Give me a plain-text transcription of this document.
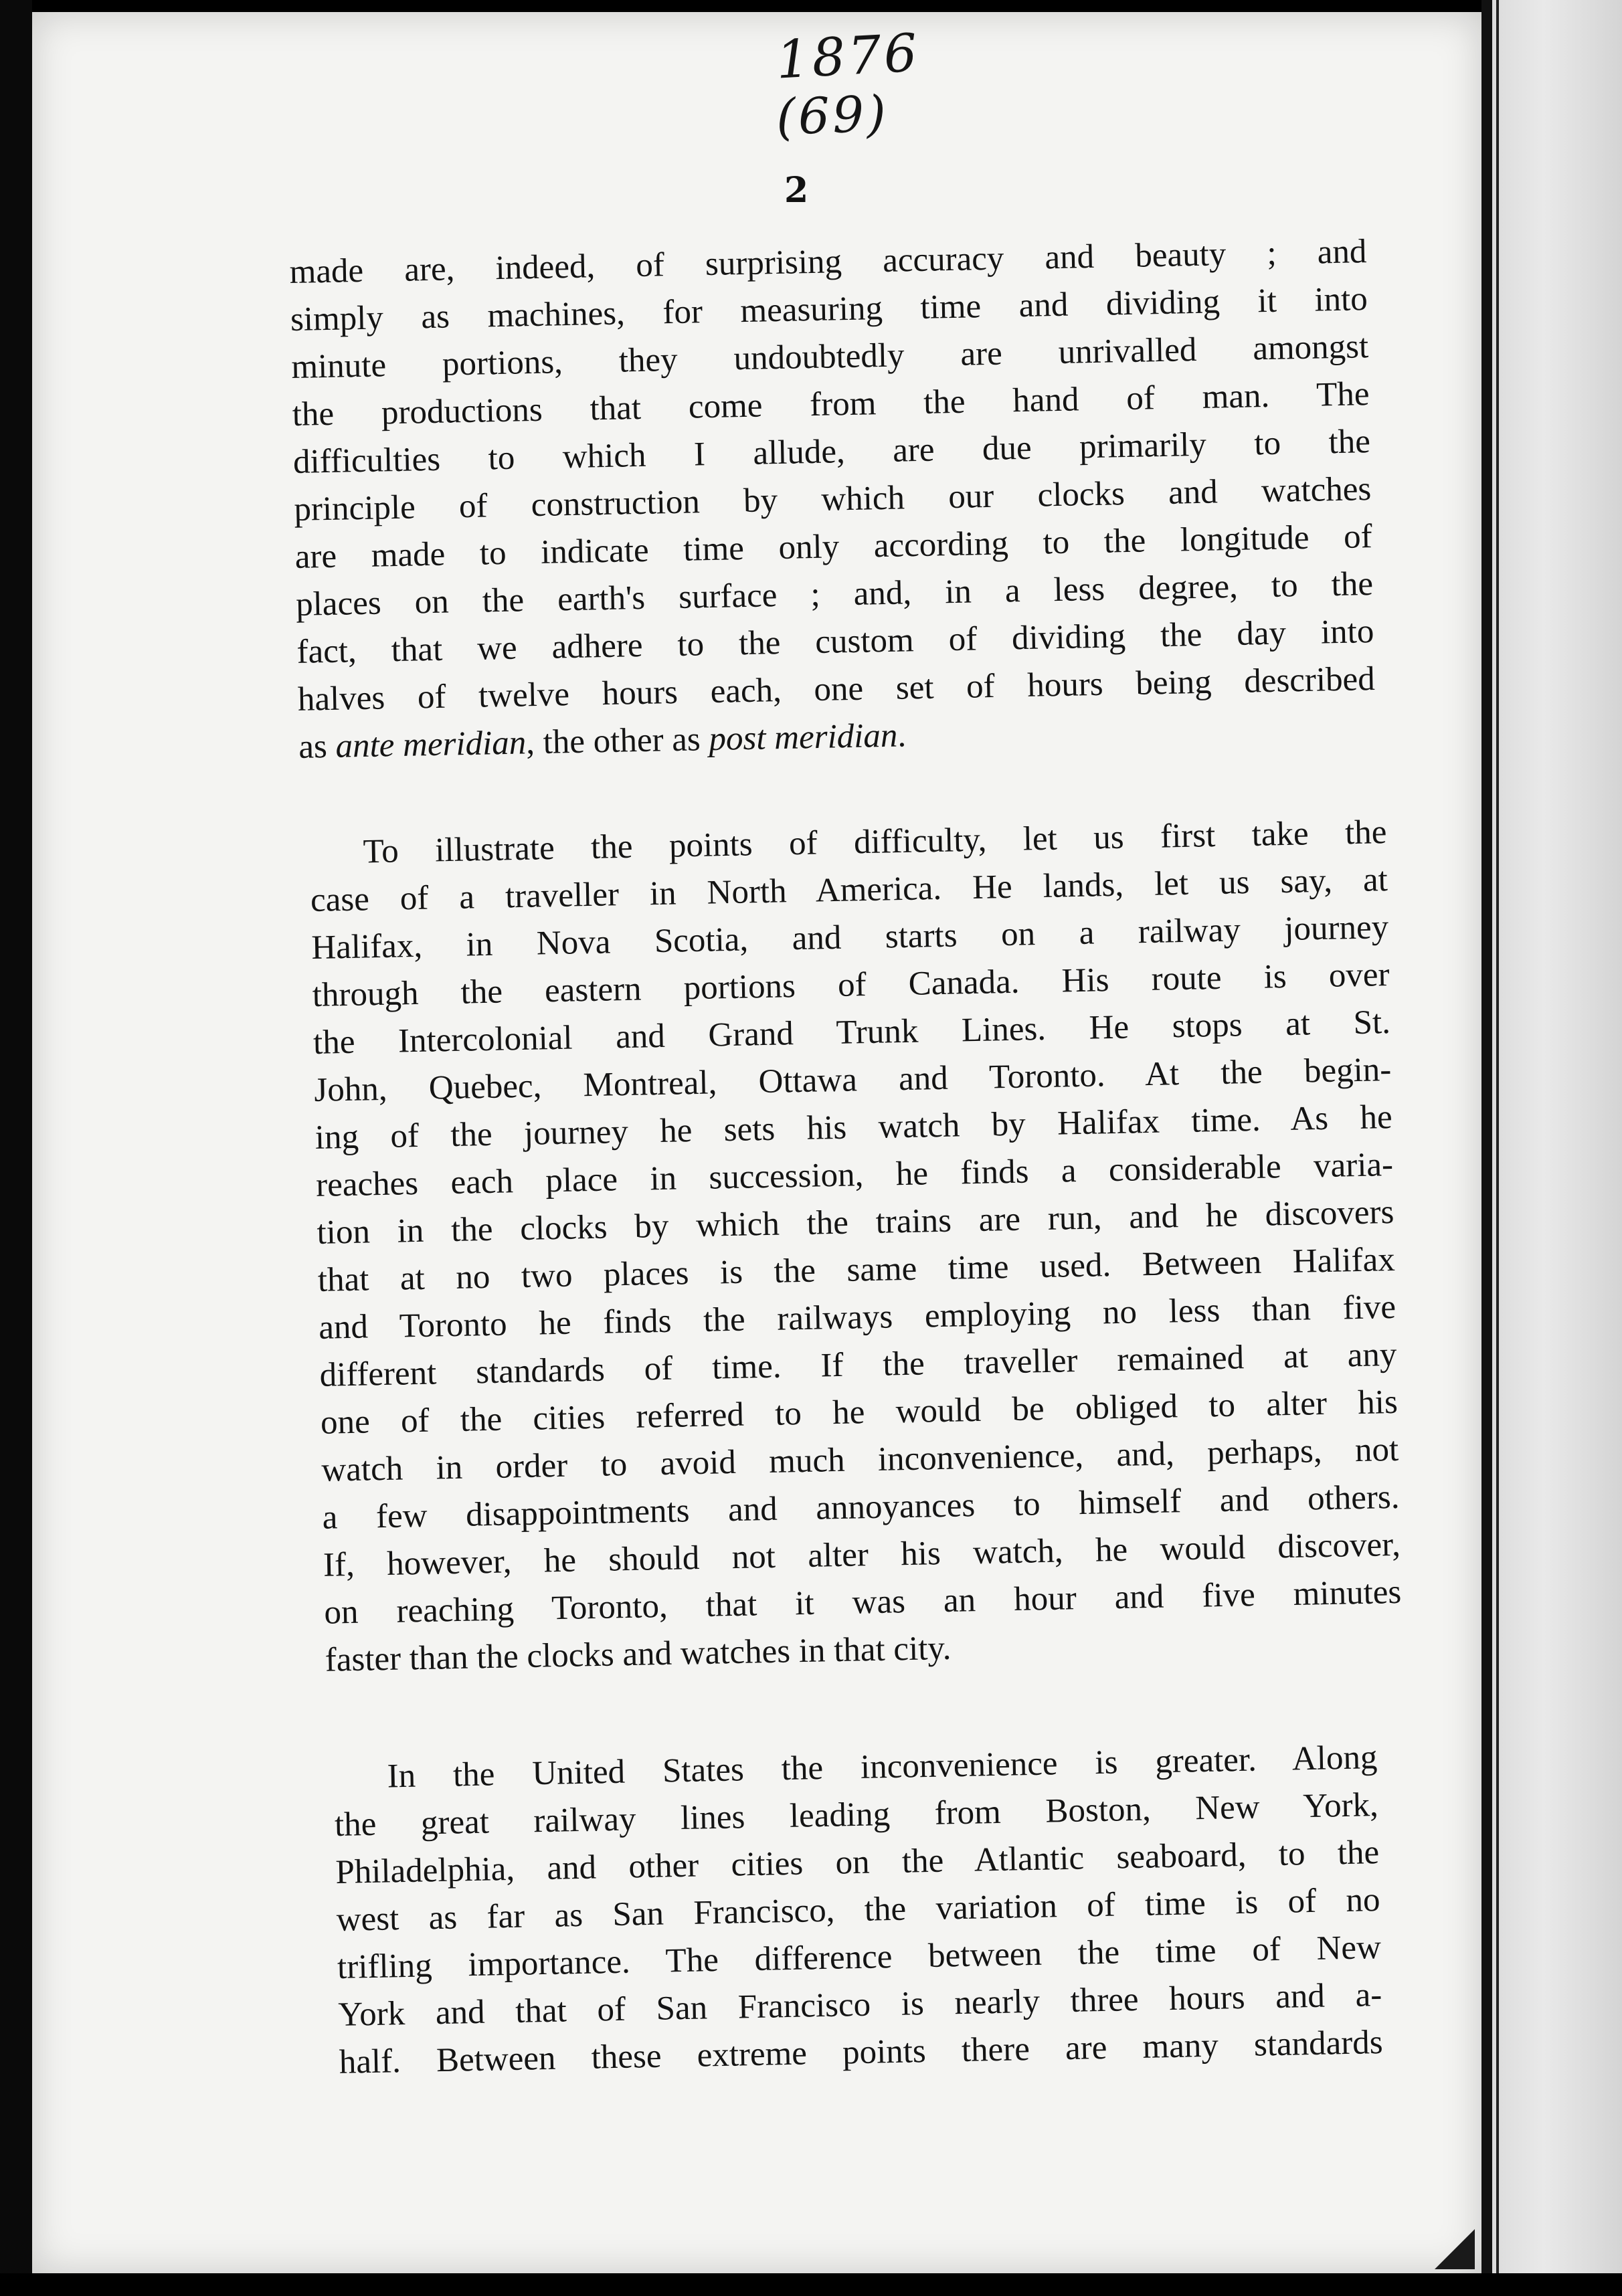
1876
(69)
2
made are, indeed, of surprising accuracy and beauty ; and
simply as machines, for measuring time and dividing it into
minute portions, they undoubtedly are unrivalled amongst
the productions that come from the hand of man. The
difficulties to which I allude, are due primarily to the
principle of construction by which our clocks and watches
are made to indicate time only according to the longitude of
places on the earth's surface ; and, in a less degree, to the
fact, that we adhere to the custom of dividing the day into
halves of twelve hours each, one set of hours being described
as ante meridian, the other as post meridian.
To illustrate the points of difficulty, let us first take the
case of a traveller in North America. He lands, let us say, at
Halifax, in Nova Scotia, and starts on a railway journey
through the eastern portions of Canada. His route is over
the Intercolonial and Grand Trunk Lines. He stops at St.
John, Quebec, Montreal, Ottawa and Toronto. At the begin-
ing of the journey he sets his watch by Halifax time. As he
reaches each place in succession, he finds a considerable varia-
tion in the clocks by which the trains are run, and he discovers
that at no two places is the same time used. Between Halifax
and Toronto he finds the railways employing no less than five
different standards of time. If the traveller remained at any
one of the cities referred to he would be obliged to alter his
watch in order to avoid much inconvenience, and, perhaps, not
a few disappointments and annoyances to himself and others.
If, however, he should not alter his watch, he would discover,
on reaching Toronto, that it was an hour and five minutes
faster than the clocks and watches in that city.
In the United States the inconvenience is greater. Along
the great railway lines leading from Boston, New York,
Philadelphia, and other cities on the Atlantic seaboard, to the
west as far as San Francisco, the variation of time is of no
trifling importance. The difference between the time of New
York and that of San Francisco is nearly three hours and a-
half. Between these extreme points there are many standards
